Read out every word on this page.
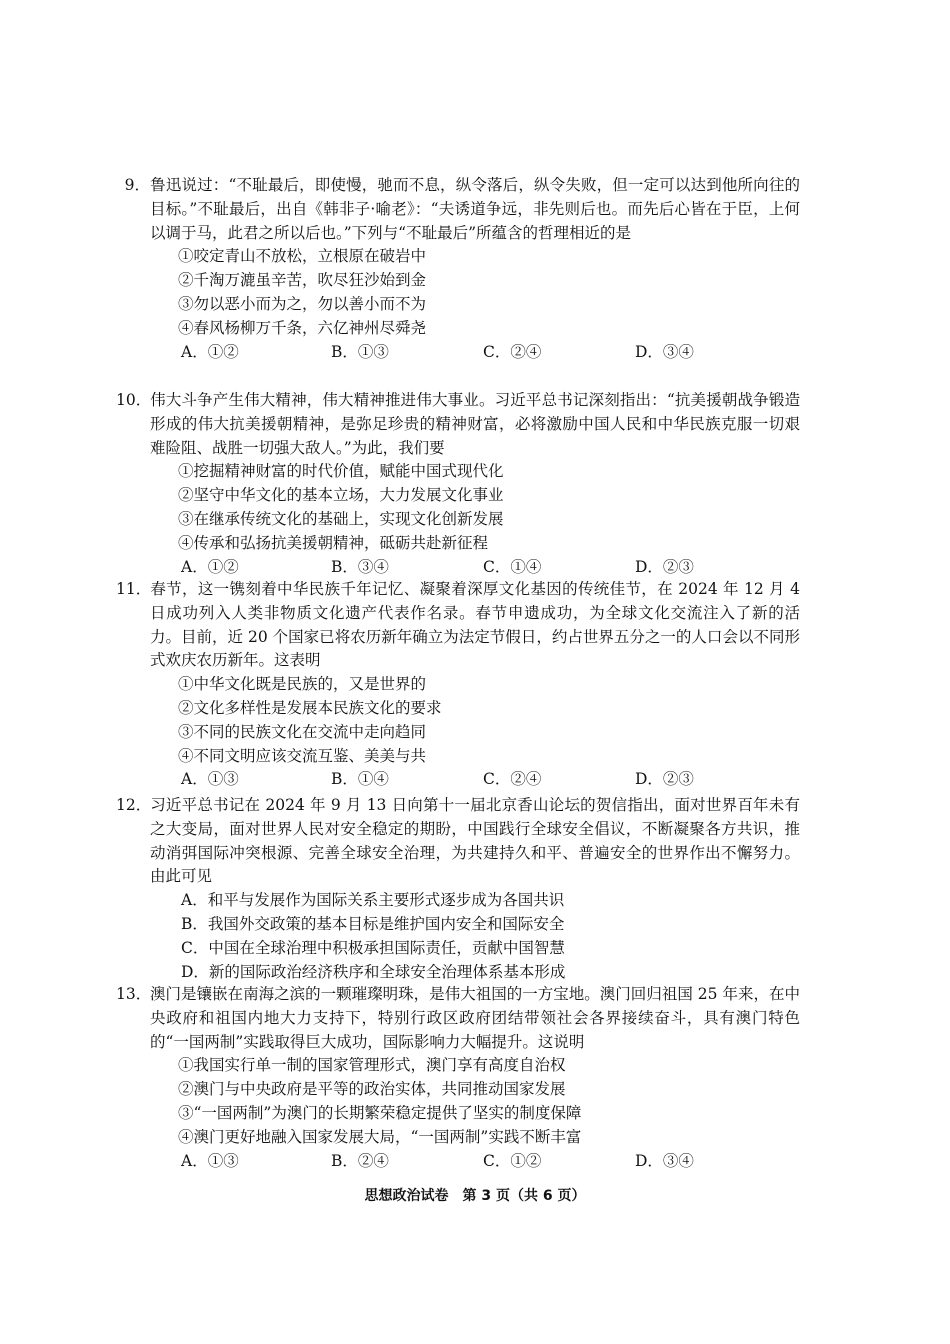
9．鲁迅说过：“不耻最后，即使慢，驰而不息，纵令落后，纵令失败，但一定可以达到他所向往的目标。”不耻最后，出自《韩非子·喻老》：“夫诱道争远，非先则后也。而先后心皆在于臣，上何以调于马，此君之所以后也。”下列与“不耻最后”所蕴含的哲理相近的是

①咬定青山不放松，立根原在破岩中

②千淘万漉虽辛苦，吹尽狂沙始到金

③勿以恶小而为之，勿以善小而不为

④春风杨柳万千条，六亿神州尽舜尧

A．①②	B．①③	C．②④	D．③④

10．伟大斗争产生伟大精神，伟大精神推进伟大事业。习近平总书记深刻指出：“抗美援朝战争锻造形成的伟大抗美援朝精神，是弥足珍贵的精神财富，必将激励中国人民和中华民族克服一切艰难险阻、战胜一切强大敌人。”为此，我们要

①挖掘精神财富的时代价值，赋能中国式现代化

②坚守中华文化的基本立场，大力发展文化事业

③在继承传统文化的基础上，实现文化创新发展

④传承和弘扬抗美援朝精神，砥砺共赴新征程

A．①②	B．③④	C．①④	D．②③

11．春节，这一镌刻着中华民族千年记忆、凝聚着深厚文化基因的传统佳节，在 2024 年 12 月 4 日成功列入人类非物质文化遗产代表作名录。春节申遗成功，为全球文化交流注入了新的活力。目前，近 20 个国家已将农历新年确立为法定节假日，约占世界五分之一的人口会以不同形式欢庆农历新年。这表明

①中华文化既是民族的，又是世界的

②文化多样性是发展本民族文化的要求

③不同的民族文化在交流中走向趋同

④不同文明应该交流互鉴、美美与共

A．①③	B．①④	C．②④	D．②③

12．习近平总书记在 2024 年 9 月 13 日向第十一届北京香山论坛的贺信指出，面对世界百年未有之大变局，面对世界人民对安全稳定的期盼，中国践行全球安全倡议，不断凝聚各方共识，推动消弭国际冲突根源、完善全球安全治理，为共建持久和平、普遍安全的世界作出不懈努力。由此可见

A．和平与发展作为国际关系主要形式逐步成为各国共识

B．我国外交政策的基本目标是维护国内安全和国际安全

C．中国在全球治理中积极承担国际责任，贡献中国智慧

D．新的国际政治经济秩序和全球安全治理体系基本形成

13．澳门是镶嵌在南海之滨的一颗璀璨明珠，是伟大祖国的一方宝地。澳门回归祖国 25 年来，在中央政府和祖国内地大力支持下，特别行政区政府团结带领社会各界接续奋斗，具有澳门特色的“一国两制”实践取得巨大成功，国际影响力大幅提升。这说明

①我国实行单一制的国家管理形式，澳门享有高度自治权

②澳门与中央政府是平等的政治实体，共同推动国家发展

③“一国两制”为澳门的长期繁荣稳定提供了坚实的制度保障

④澳门更好地融入国家发展大局，“一国两制”实践不断丰富

A．①③	B．②④	C．①②	D．③④
思想政治试卷　第 3 页（共 6 页）
